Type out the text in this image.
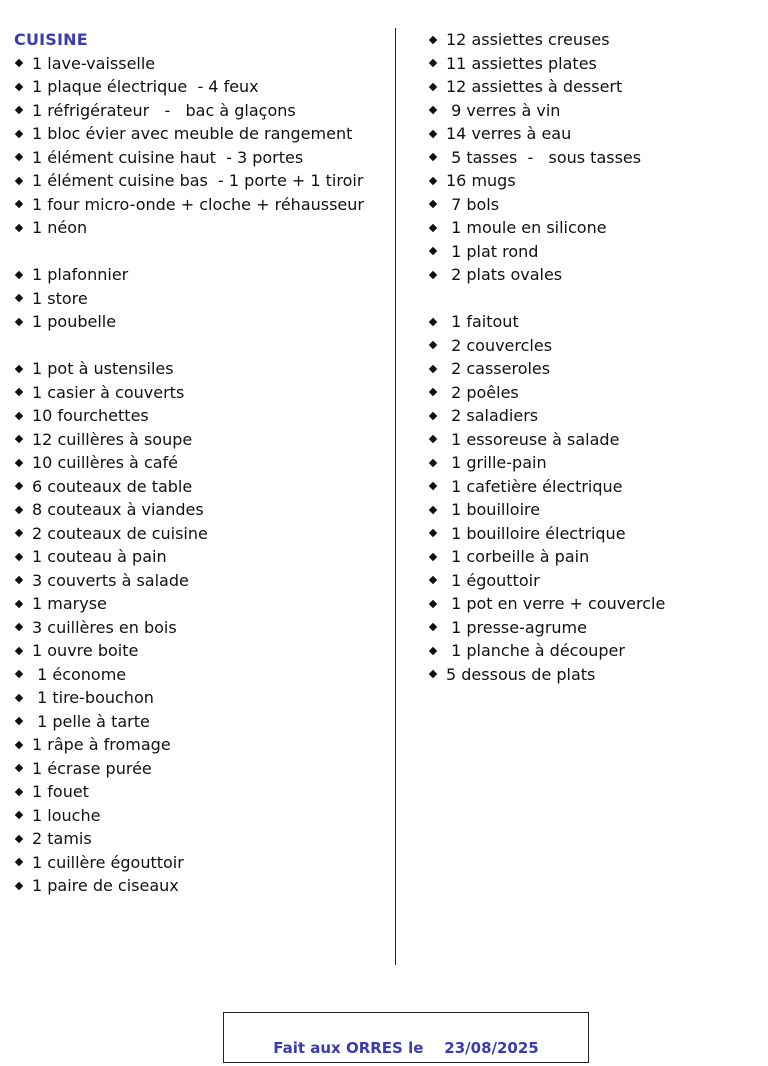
CUISINE
1 lave-vaisselle
1 plaque électrique  - 4 feux
1 réfrigérateur   -   bac à glaçons
1 bloc évier avec meuble de rangement
1 élément cuisine haut  - 3 portes
1 élément cuisine bas  - 1 porte + 1 tiroir
1 four micro-onde + cloche + réhausseur
1 néon
1 plafonnier
1 store
1 poubelle
1 pot à ustensiles
1 casier à couverts
10 fourchettes
12 cuillères à soupe
10 cuillères à café
6 couteaux de table
8 couteaux à viandes
2 couteaux de cuisine
1 couteau à pain
3 couverts à salade
1 maryse
3 cuillères en bois
1 ouvre boite
1 économe
1 tire-bouchon
1 pelle à tarte
1 râpe à fromage
1 écrase purée
1 fouet
1 louche
2 tamis
1 cuillère égouttoir
1 paire de ciseaux
12 assiettes creuses
11 assiettes plates
12 assiettes à dessert
9 verres à vin
14 verres à eau
5 tasses  -   sous tasses
16 mugs
7 bols
1 moule en silicone
1 plat rond
2 plats ovales
1 faitout
2 couvercles
2 casseroles
2 poêles
2 saladiers
1 essoreuse à salade
1 grille-pain
1 cafetière électrique
1 bouilloire
1 bouilloire électrique
1 corbeille à pain
1 égouttoir
1 pot en verre + couvercle
1 presse-agrume
1 planche à découper
5 dessous de plats
Fait aux ORRES le    23/08/2025
